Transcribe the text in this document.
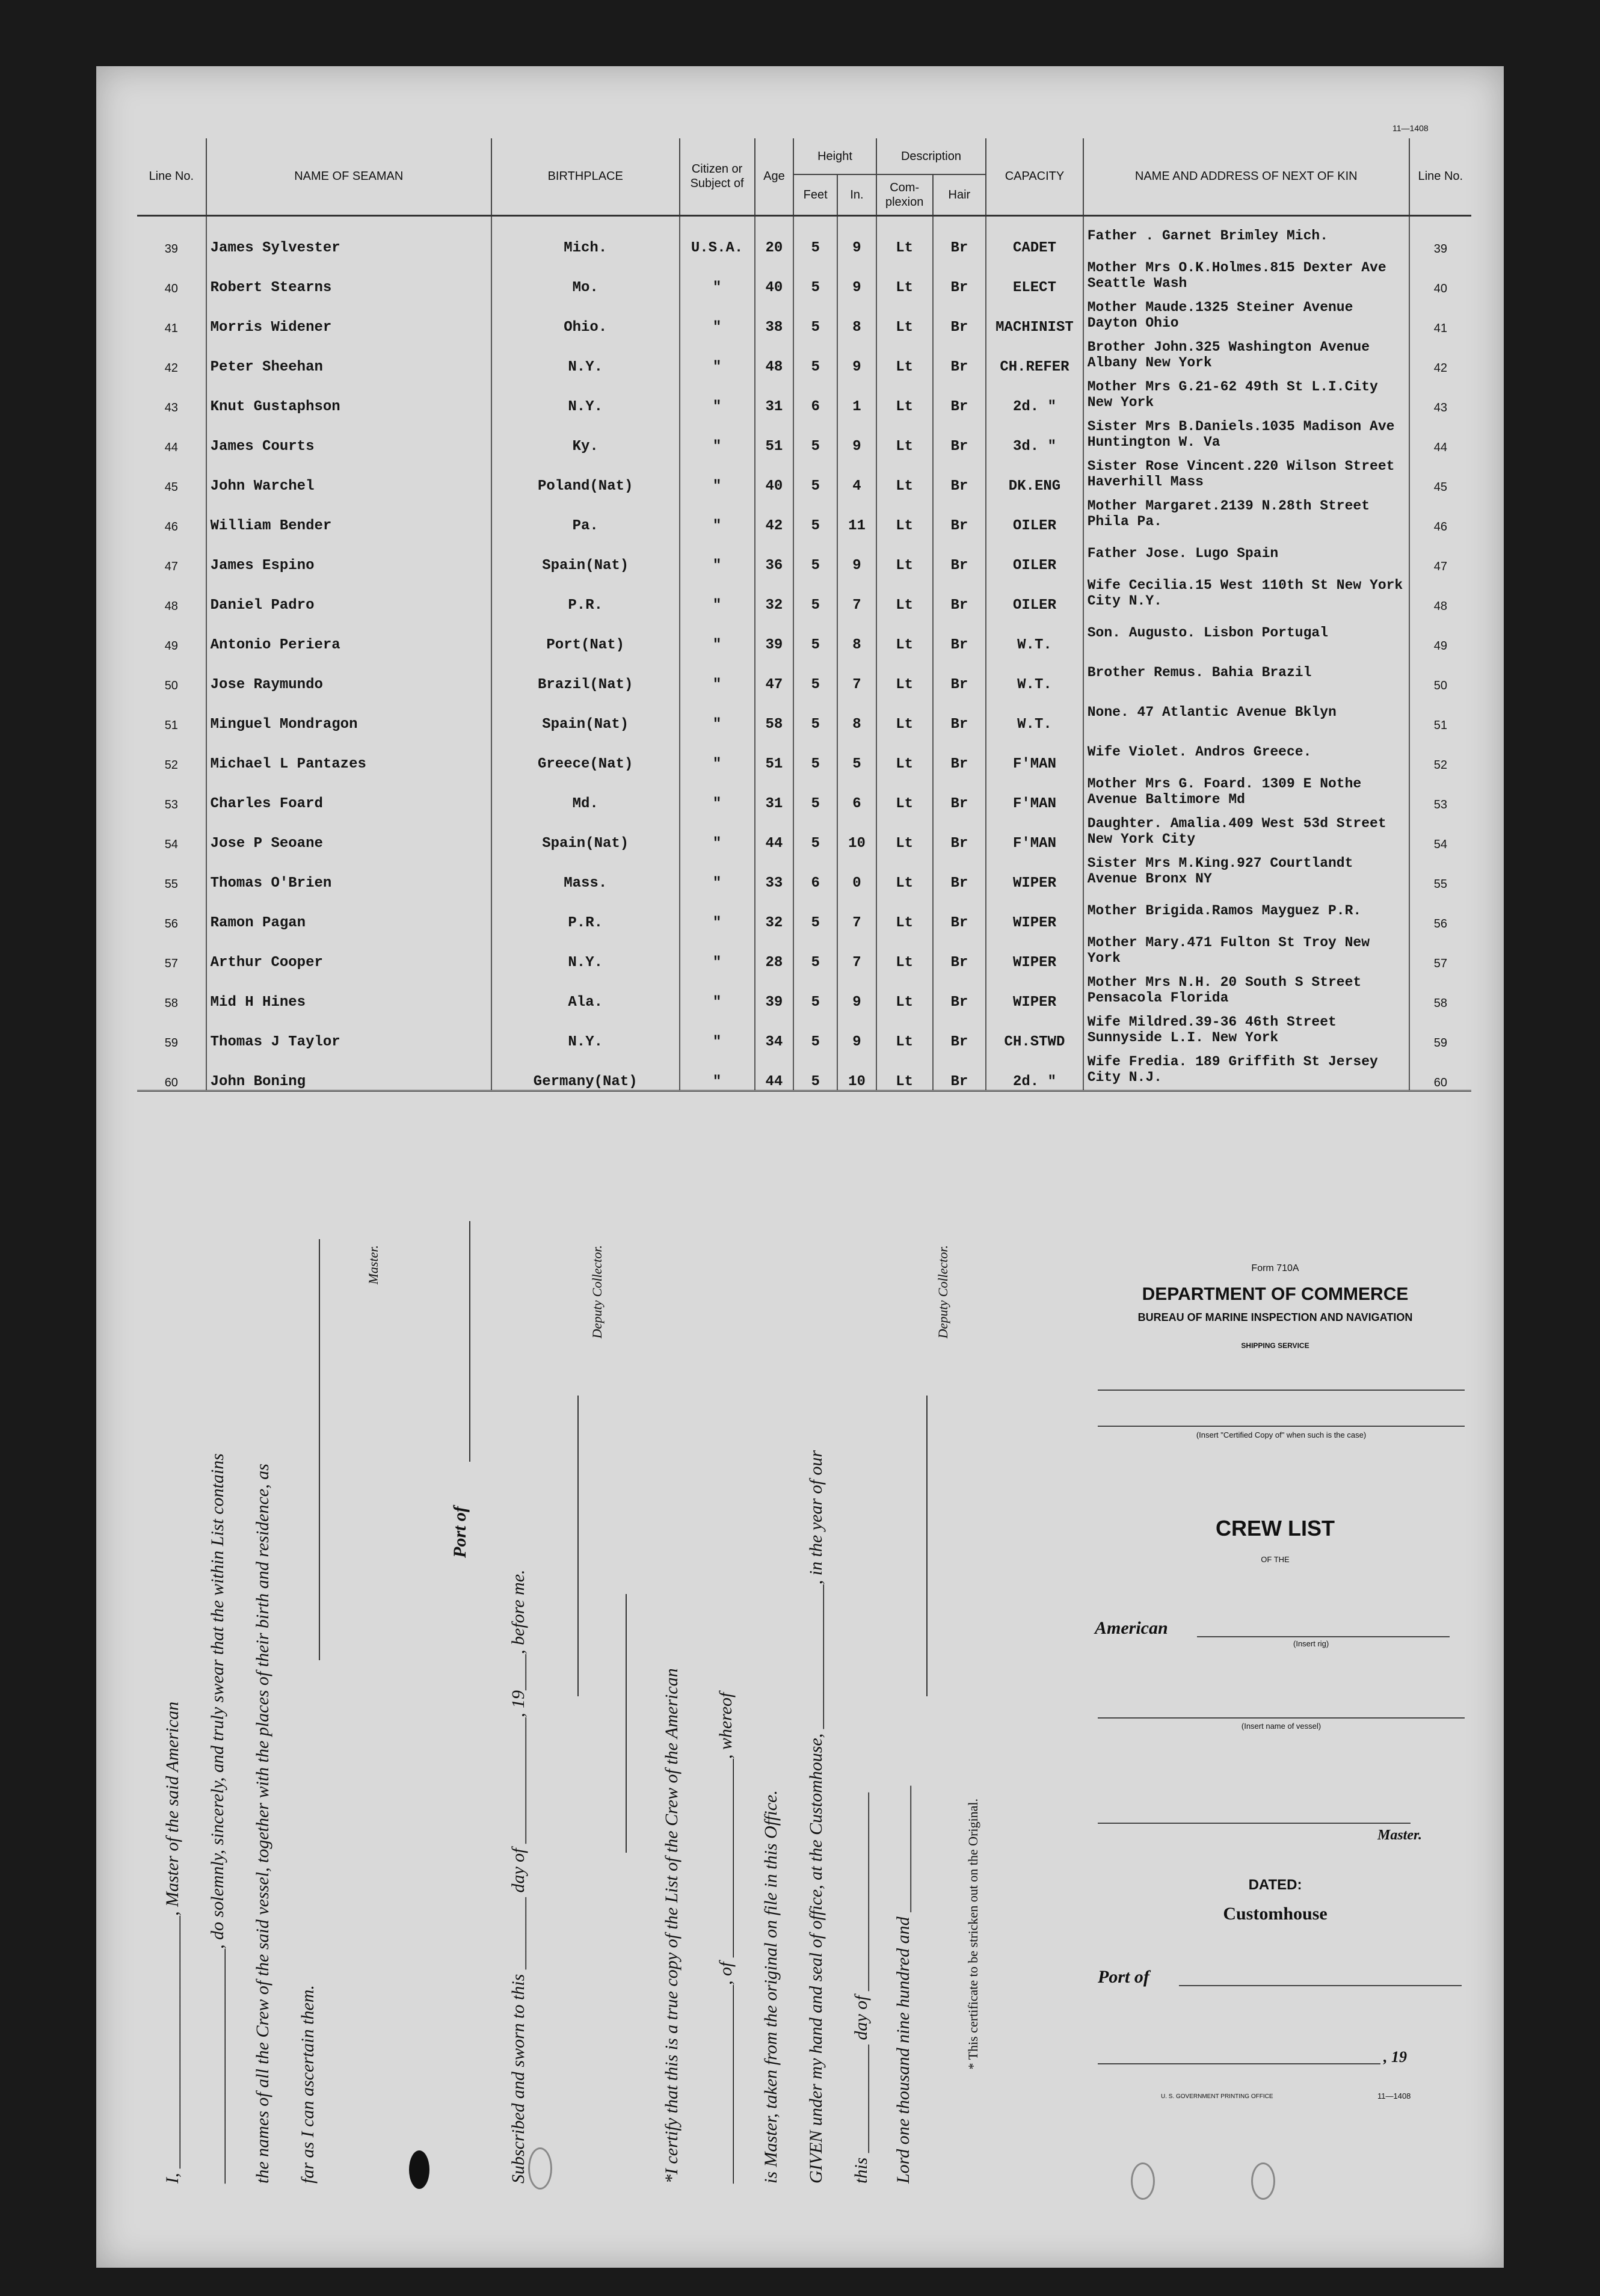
11—1408
Line No.	NAME OF SEAMAN	BIRTHPLACE	Citizen or Subject of	Age	Height		Description		CAPACITY	NAME AND ADDRESS OF NEXT OF KIN	Line No.
					Feet	In.	Com-plexion	Hair			
39	James Sylvester	Mich.	U.S.A.	20	5	9	Lt	Br	CADET	Father . Garnet Brimley Mich.	39
40	Robert Stearns	Mo.	"	40	5	9	Lt	Br	ELECT	Mother Mrs O.K.Holmes.815 Dexter Ave Seattle Wash	40
41	Morris Widener	Ohio.	"	38	5	8	Lt	Br	MACHINIST	Mother Maude.1325 Steiner Avenue Dayton Ohio	41
42	Peter Sheehan	N.Y.	"	48	5	9	Lt	Br	CH.REFER	Brother John.325 Washington Avenue Albany New York	42
43	Knut Gustaphson	N.Y.	"	31	6	1	Lt	Br	2d. "	Mother Mrs G.21-62 49th St L.I.City New York	43
44	James Courts	Ky.	"	51	5	9	Lt	Br	3d. "	Sister Mrs B.Daniels.1035 Madison Ave Huntington W. Va	44
45	John Warchel	Poland(Nat)	"	40	5	4	Lt	Br	DK.ENG	Sister Rose Vincent.220 Wilson Street Haverhill Mass	45
46	William Bender	Pa.	"	42	5	11	Lt	Br	OILER	Mother Margaret.2139 N.28th Street Phila Pa.	46
47	James Espino	Spain(Nat)	"	36	5	9	Lt	Br	OILER	Father Jose. Lugo Spain	47
48	Daniel Padro	P.R.	"	32	5	7	Lt	Br	OILER	Wife Cecilia.15 West 110th St New York City N.Y.	48
49	Antonio Periera	Port(Nat)	"	39	5	8	Lt	Br	W.T.	Son. Augusto. Lisbon Portugal	49
50	Jose Raymundo	Brazil(Nat)	"	47	5	7	Lt	Br	W.T.	Brother Remus. Bahia Brazil	50
51	Minguel Mondragon	Spain(Nat)	"	58	5	8	Lt	Br	W.T.	None. 47 Atlantic Avenue Bklyn	51
52	Michael L Pantazes	Greece(Nat)	"	51	5	5	Lt	Br	F'MAN	Wife Violet. Andros Greece.	52
53	Charles Foard	Md.	"	31	5	6	Lt	Br	F'MAN	Mother Mrs G. Foard. 1309 E Nothe Avenue Baltimore Md	53
54	Jose P Seoane	Spain(Nat)	"	44	5	10	Lt	Br	F'MAN	Daughter. Amalia.409 West 53d Street New York City	54
55	Thomas O'Brien	Mass.	"	33	6	0	Lt	Br	WIPER	Sister Mrs M.King.927 Courtlandt Avenue Bronx NY	55
56	Ramon Pagan	P.R.	"	32	5	7	Lt	Br	WIPER	Mother Brigida.Ramos Mayguez P.R.	56
57	Arthur Cooper	N.Y.	"	28	5	7	Lt	Br	WIPER	Mother Mary.471 Fulton St Troy New York	57
58	Mid H Hines	Ala.	"	39	5	9	Lt	Br	WIPER	Mother Mrs N.H. 20 South S Street Pensacola Florida	58
59	Thomas J Taylor	N.Y.	"	34	5	9	Lt	Br	CH.STWD	Wife Mildred.39-36 46th Street Sunnyside L.I. New York	59
60	John Boning	Germany(Nat)	"	44	5	10	Lt	Br	2d. "	Wife Fredia. 189 Griffith St Jersey City N.J.	60
I, ____________________________, Master of the said American __________________________, do solemnly, sincerely, and truly swear that the within List contains the names of all the Crew of the said vessel, together with the places of their birth and residence, as far as I can ascertain them.
Master.
Port of
Subscribed and sworn to this ________ day of ______________, 19____, before me.
Deputy Collector.
*I certify that this is a true copy of the List of the Crew of the American ______________________, of ______________________, whereof is Master, taken from the original on file in this Office. GIVEN under my hand and seal of office, at the Customhouse, ________________, in the year of our this ____________ day of ______________________ Lord one thousand nine hundred and ______________
Deputy Collector.
* This certificate to be stricken out on the Original.
Form 710A
DEPARTMENT OF COMMERCE
BUREAU OF MARINE INSPECTION AND NAVIGATION
SHIPPING SERVICE
(Insert "Certified Copy of" when such is the case)
CREW LIST
OF THE
American
(Insert rig)
(Insert name of vessel)
Master.
DATED:
Customhouse
Port of
, 19
U. S. GOVERNMENT PRINTING OFFICE	11—1408
